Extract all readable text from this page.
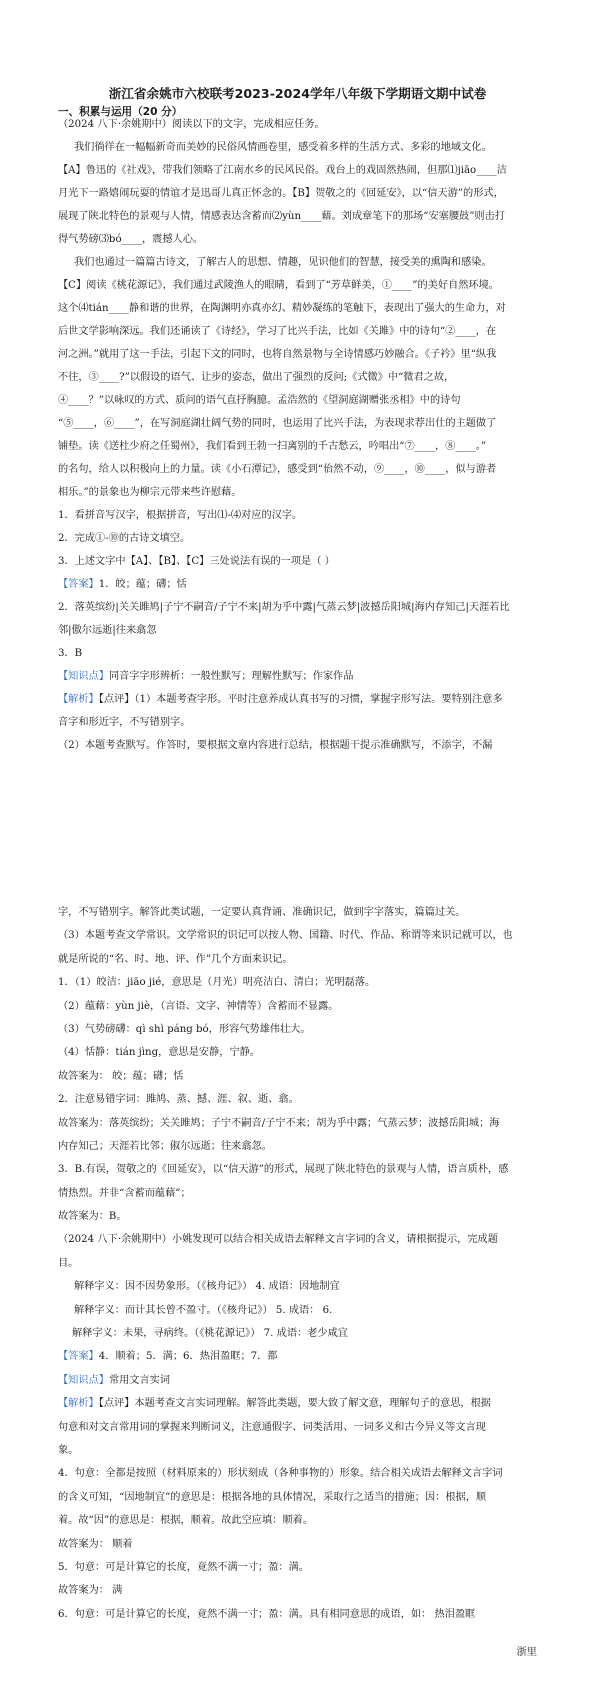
浙江省余姚市六校联考2023-2024学年八年级下学期语文期中试卷
一、积累与运用（20 分）
（2024 八下·余姚期中）阅读以下的文字，完成相应任务。
我们徜徉在一幅幅新奇而美妙的民俗风情画卷里，感受着多样的生活方式、多彩的地域文化。
【A】鲁迅的《社戏》，带我们领略了江南水乡的民风民俗。戏台上的戏固然热闹，但那⑴jiāo____洁
月光下一路嬉闹玩耍的情谊才是迅哥儿真正怀念的。【B】贺敬之的《回延安》，以“信天游”的形式，
展现了陕北特色的景观与人情，情感表达含蓄而⑵yùn____藉。刘成章笔下的那场“安塞腰鼓”则击打
得气势磅⑶bó____，震撼人心。
我们也通过一篇篇古诗文，了解古人的思想、情趣，见识他们的智慧，接受美的熏陶和感染。
【C】阅读《桃花源记》，我们通过武陵渔人的眼睛，看到了“芳草鲜美，①____”的美好自然环境。
这个⑷tián____静和谐的世界，在陶渊明亦真亦幻、精妙凝练的笔触下，表现出了强大的生命力，对
后世文学影响深远。我们还诵读了《诗经》，学习了比兴手法，比如《关雎》中的诗句“②____，在
河之洲。”就用了这一手法，引起下文的同时，也将自然景物与全诗情感巧妙融合。《子衿》里“纵我
不往，③____?”以假设的语气、让步的姿态，做出了强烈的反问;《式微》中“微君之故，
④____？”以咏叹的方式、质问的语气直抒胸臆。孟浩然的《望洞庭湖赠张丞相》中的诗句
“⑤____，⑥____”，在写洞庭湖壮阔气势的同时，也运用了比兴手法，为表现求荐出仕的主题做了
铺垫。读《送杜少府之任蜀州》，我们看到王勃一扫离别的千古愁云，吟唱出“⑦____，⑧____。”
的名句，给人以积极向上的力量。读《小石潭记》，感受到“佁然不动，⑨____，⑩____，似与游者
相乐。”的景象也为柳宗元带来些许慰藉。
1．看拼音写汉字，根据拼音，写出⑴-⑷对应的汉字。
2．完成①-⑩的古诗文填空。
3．上述文字中【A】、【B】、【C】三处说法有误的一项是（ ）
【答案】1．皎；蕴；礴；恬
2．落英缤纷|关关雎鸠|子宁不嗣音/子宁不来|胡为乎中露|气蒸云梦|波撼岳阳城|海内存知己|天涯若比
邻|傲尔远逝|往来翕忽
3．B
【知识点】同音字字形辨析：一般性默写；理解性默写；作家作品
【解析】【点评】（1）本题考查字形。平时注意养成认真书写的习惯，掌握字形写法。要特别注意多
音字和形近字，不写错别字。
（2）本题考查默写。作答时，要根据文章内容进行总结，根据题干提示准确默写，不添字，不漏
字，不写错别字。解答此类试题，一定要认真背诵、准确识记，做到字字落实，篇篇过关。
（3）本题考查文学常识。文学常识的识记可以按人物、国籍、时代、作品、称谓等来识记就可以，也
就是所说的“名、时、地、评、作”几个方面来识记。
1．（1）皎洁：jiāo jié，意思是（月光）明亮洁白、清白；光明磊落。
（2）蕴藉：yùn jiè，（言语、文字、神情等）含蓄而不显露。
（3）气势磅礴：qì shì páng bó，形容气势雄伟壮大。
（4）恬静：tián jìng，意思是安静，宁静。
故答案为： 皎；蕴；礴；恬
2．注意易错字词：雎鸠、蒸、撼、涯、叙、逝、翕。
故答案为：落英缤纷；关关雎鸠；子宁不嗣音/子宁不来；胡为乎中露；气蒸云梦；波撼岳阳城；海
内存知己；天涯若比邻；俶尔远逝；往来翕忽。
3．B.有误，贺敬之的《回延安》，以“信天游”的形式，展现了陕北特色的景观与人情，语言质朴，感
情热烈。并非“含蓄而蕴藉”；
故答案为：B。
（2024 八下·余姚期中）小姚发现可以结合相关成语去解释文言字词的含义，请根据提示，完成题
目。
解释字义：因不因势象形。（《核舟记》） 4. 成语：因地制宜
解释字义：而计其长曾不盈寸。（《核舟记》） 5. 成语： 6.
解释字义：未果，寻病终。（《桃花源记》） 7. 成语：老少咸宜
【答案】4．顺着；5．满；6．热泪盈眶；7．都
【知识点】常用文言实词
【解析】【点评】本题考查文言实词理解。解答此类题，要大致了解文意，理解句子的意思，根据
句意和对文言常用词的掌握来判断词义，注意通假字、词类活用、一词多义和古今异义等文言现
象。
4．句意：全都是按照（材料原来的）形状刻成（各种事物的）形象。结合相关成语去解释文言字词
的含义可知，“因地制宜”的意思是：根据各地的具体情况，采取行之适当的措施；因：根据，顺
着。故“因”的意思是：根据，顺着。故此空应填：顺着。
故答案为： 顺着
5．句意：可是计算它的长度，竟然不满一寸；盈：满。
故答案为： 满
6．句意：可是计算它的长度，竟然不满一寸；盈：满。具有相同意思的成语，如： 热泪盈眶
浙里
